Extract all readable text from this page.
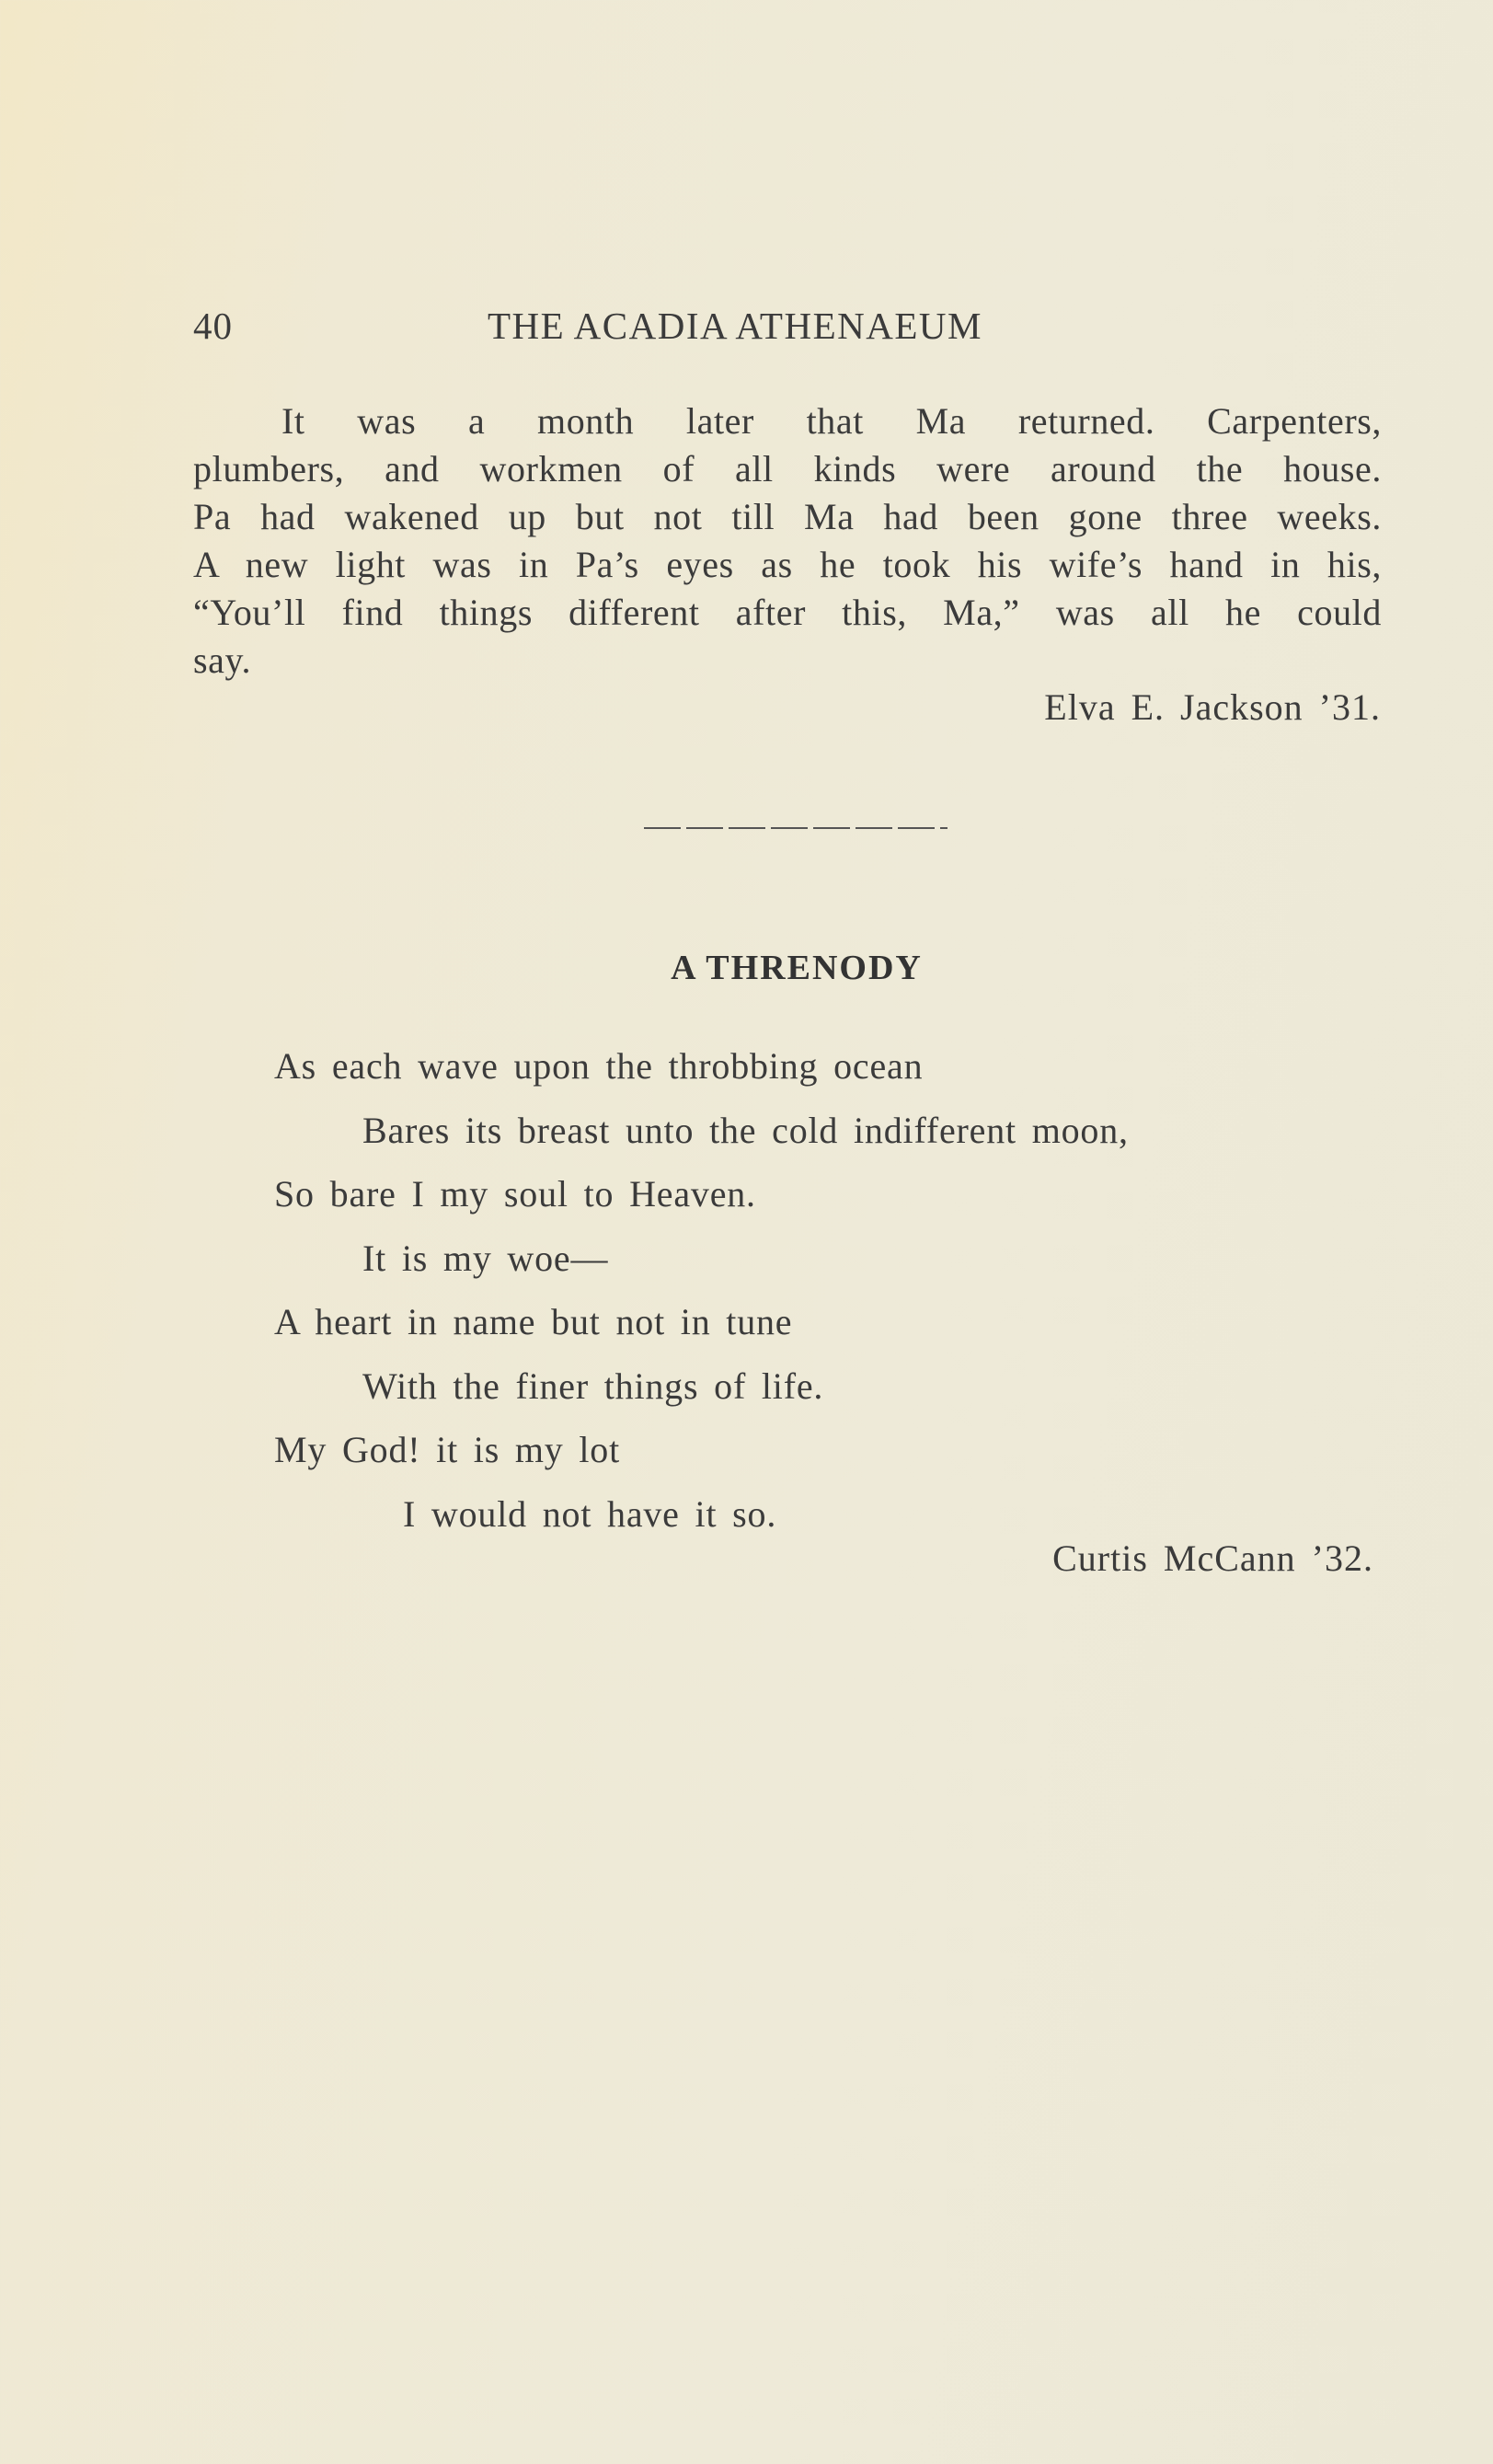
40	THE ACADIA ATHENAEUM
It was a month later that Ma returned. Carpenters,
plumbers, and workmen of all kinds were around the house.
Pa had wakened up but not till Ma had been gone three weeks.
A new light was in Pa’s eyes as he took his wife’s hand in his,
“You’ll find things different after this, Ma,” was all he could
say.
Elva E. Jackson ’31.
A THRENODY
As each wave upon the throbbing ocean
Bares its breast unto the cold indifferent moon,
So bare I my soul to Heaven.
It is my woe—
A heart in name but not in tune
With the finer things of life.
My God! it is my lot
I would not have it so.
Curtis McCann ’32.
